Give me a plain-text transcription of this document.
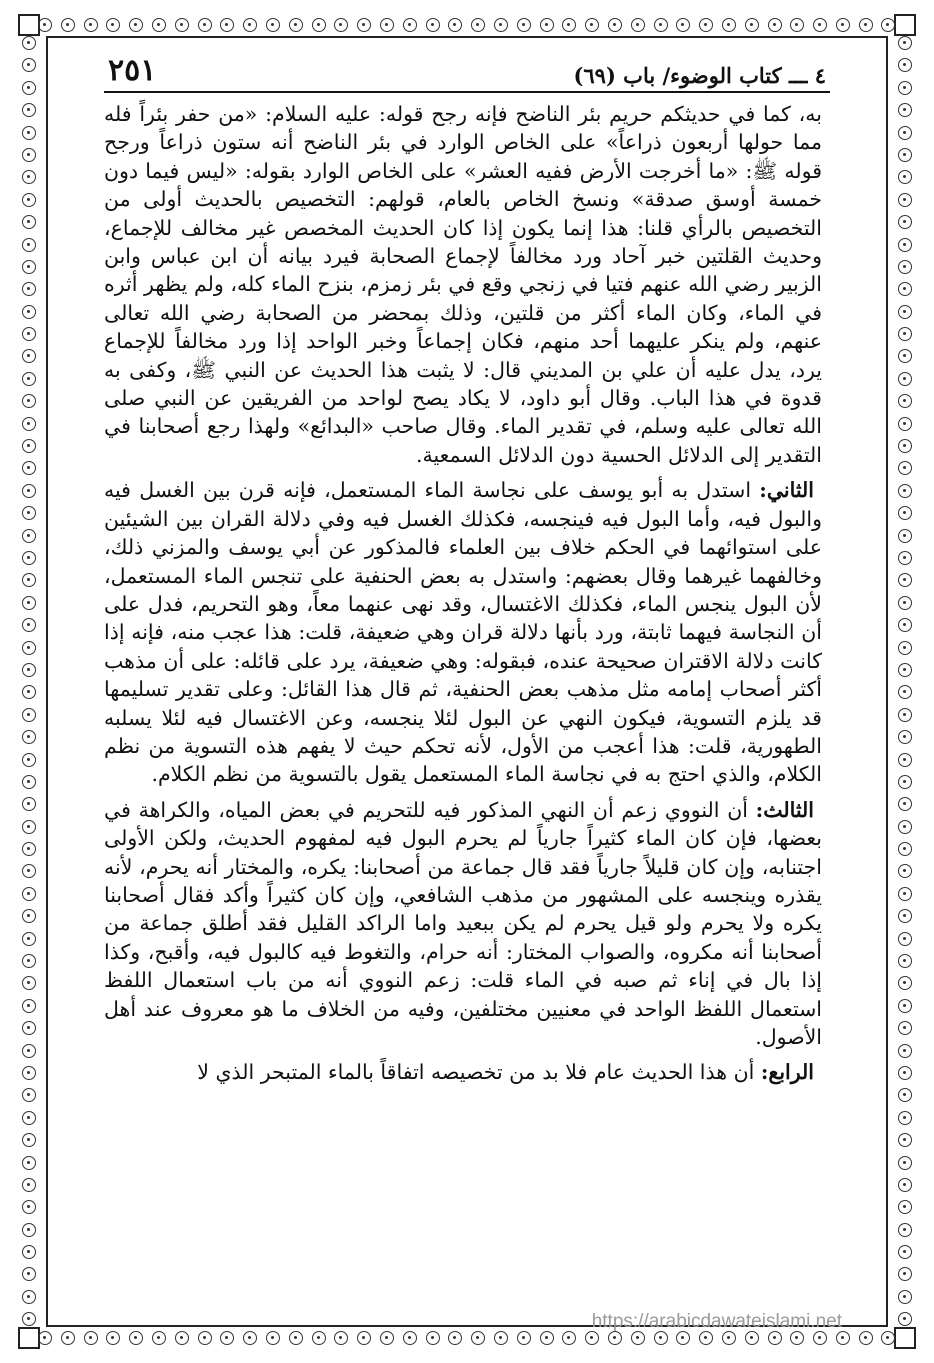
٤ ـــ كتاب الوضوء/ باب (٦٩)
٢٥١

به، كما في حديثكم حريم بئر الناضح فإنه رجح قوله: عليه السلام: «من حفر بئراً فله مما حولها أربعون ذراعاً» على الخاص الوارد في بئر الناضح أنه ستون ذراعاً ورجح قوله ﷺ: «ما أخرجت الأرض ففيه العشر» على الخاص الوارد بقوله: «ليس فيما دون خمسة أوسق صدقة» ونسخ الخاص بالعام، قولهم: التخصيص بالحديث أولى من التخصيص بالرأي قلنا: هذا إنما يكون إذا كان الحديث المخصص غير مخالف للإجماع، وحديث القلتين خبر آحاد ورد مخالفاً لإجماع الصحابة فيرد بيانه أن ابن عباس وابن الزبير رضي الله عنهم فتيا في زنجي وقع في بئر زمزم، بنزح الماء كله، ولم يظهر أثره في الماء، وكان الماء أكثر من قلتين، وذلك بمحضر من الصحابة رضي الله تعالى عنهم، ولم ينكر عليهما أحد منهم، فكان إجماعاً وخبر الواحد إذا ورد مخالفاً للإجماع يرد، يدل عليه أن علي بن المديني قال: لا يثبت هذا الحديث عن النبي ﷺ، وكفى به قدوة في هذا الباب. وقال أبو داود، لا يكاد يصح لواحد من الفريقين عن النبي صلى الله تعالى عليه وسلم، في تقدير الماء. وقال صاحب «البدائع» ولهذا رجع أصحابنا في التقدير إلى الدلائل الحسية دون الدلائل السمعية.

الثاني: استدل به أبو يوسف على نجاسة الماء المستعمل، فإنه قرن بين الغسل فيه والبول فيه، وأما البول فيه فينجسه، فكذلك الغسل فيه وفي دلالة القران بين الشيئين على استوائهما في الحكم خلاف بين العلماء فالمذكور عن أبي يوسف والمزني ذلك، وخالفهما غيرهما وقال بعضهم: واستدل به بعض الحنفية على تنجس الماء المستعمل، لأن البول ينجس الماء، فكذلك الاغتسال، وقد نهى عنهما معاً، وهو التحريم، فدل على أن النجاسة فيهما ثابتة، ورد بأنها دلالة قران وهي ضعيفة، قلت: هذا عجب منه، فإنه إذا كانت دلالة الاقتران صحيحة عنده، فبقوله: وهي ضعيفة، يرد على قائله: على أن مذهب أكثر أصحاب إمامه مثل مذهب بعض الحنفية، ثم قال هذا القائل: وعلى تقدير تسليمها قد يلزم التسوية، فيكون النهي عن البول لئلا ينجسه، وعن الاغتسال فيه لئلا يسلبه الطهورية، قلت: هذا أعجب من الأول، لأنه تحكم حيث لا يفهم هذه التسوية من نظم الكلام، والذي احتج به في نجاسة الماء المستعمل يقول بالتسوية من نظم الكلام.

الثالث: أن النووي زعم أن النهي المذكور فيه للتحريم في بعض المياه، والكراهة في بعضها، فإن كان الماء كثيراً جارياً لم يحرم البول فيه لمفهوم الحديث، ولكن الأولى اجتنابه، وإن كان قليلاً جارياً فقد قال جماعة من أصحابنا: يكره، والمختار أنه يحرم، لأنه يقذره وينجسه على المشهور من مذهب الشافعي، وإن كان كثيراً وأكد فقال أصحابنا يكره ولا يحرم ولو قيل يحرم لم يكن ببعيد واما الراكد القليل فقد أطلق جماعة من أصحابنا أنه مكروه، والصواب المختار: أنه حرام، والتغوط فيه كالبول فيه، وأقبح، وكذا إذا بال في إناء ثم صبه في الماء قلت: زعم النووي أنه من باب استعمال اللفظ استعمال اللفظ الواحد في معنيين مختلفين، وفيه من الخلاف ما هو معروف عند أهل الأصول.

الرابع: أن هذا الحديث عام فلا بد من تخصيصه اتفاقاً بالماء المتبحر الذي لا

https://arabicdawateislami.net
